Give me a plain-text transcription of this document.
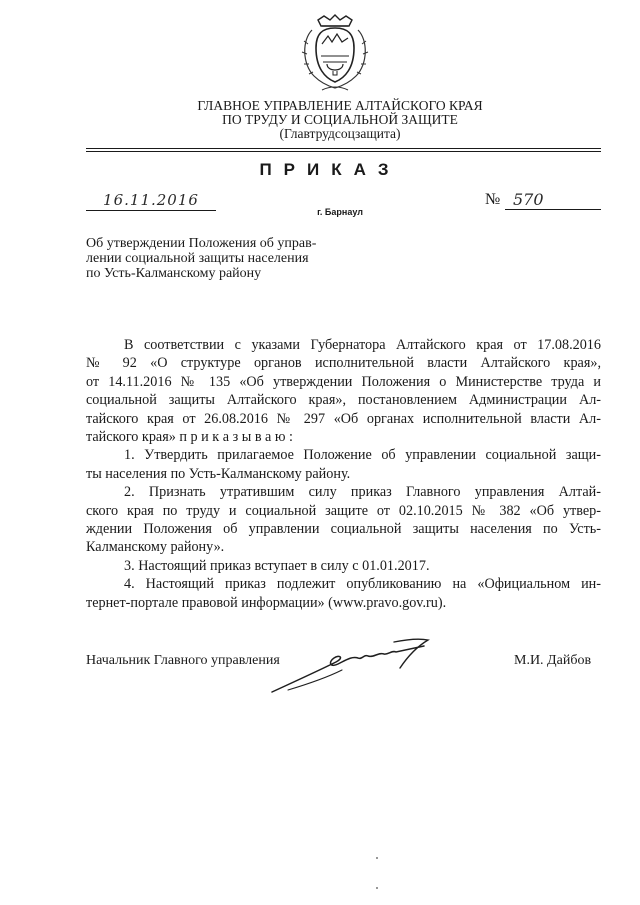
ГЛАВНОЕ УПРАВЛЕНИЕ АЛТАЙСКОГО КРАЯ
ПО ТРУДУ И СОЦИАЛЬНОЙ ЗАЩИТЕ
(Главтрудсоцзащита)
ПРИКАЗ
16.11.2016	№ 570
г. Барнаул
Об утверждении Положения об управ-
лении социальной защиты населения
по Усть-Калманскому району
В соответствии с указами Губернатора Алтайского края от 17.08.2016
№ 92 «О структуре органов исполнительной власти Алтайского края»,
от 14.11.2016 № 135 «Об утверждении Положения о Министерстве труда и
социальной защиты Алтайского края», постановлением Администрации Ал-
тайского края от 26.08.2016 № 297 «Об органах исполнительной власти Ал-
тайского края» п р и к а з ы в а ю :
1. Утвердить прилагаемое Положение об управлении социальной защи-
ты населения по Усть-Калманскому району.
2. Признать утратившим силу приказ Главного управления Алтай-
ского края по труду и социальной защите от 02.10.2015 № 382 «Об утвер-
ждении Положения об управлении социальной защиты населения по Усть-
Калманскому району».
3. Настоящий приказ вступает в силу с 01.01.2017.
4. Настоящий приказ подлежит опубликованию на «Официальном ин-
тернет-портале правовой информации» (www.pravo.gov.ru).
Начальник Главного управления	М.И. Дайбов
